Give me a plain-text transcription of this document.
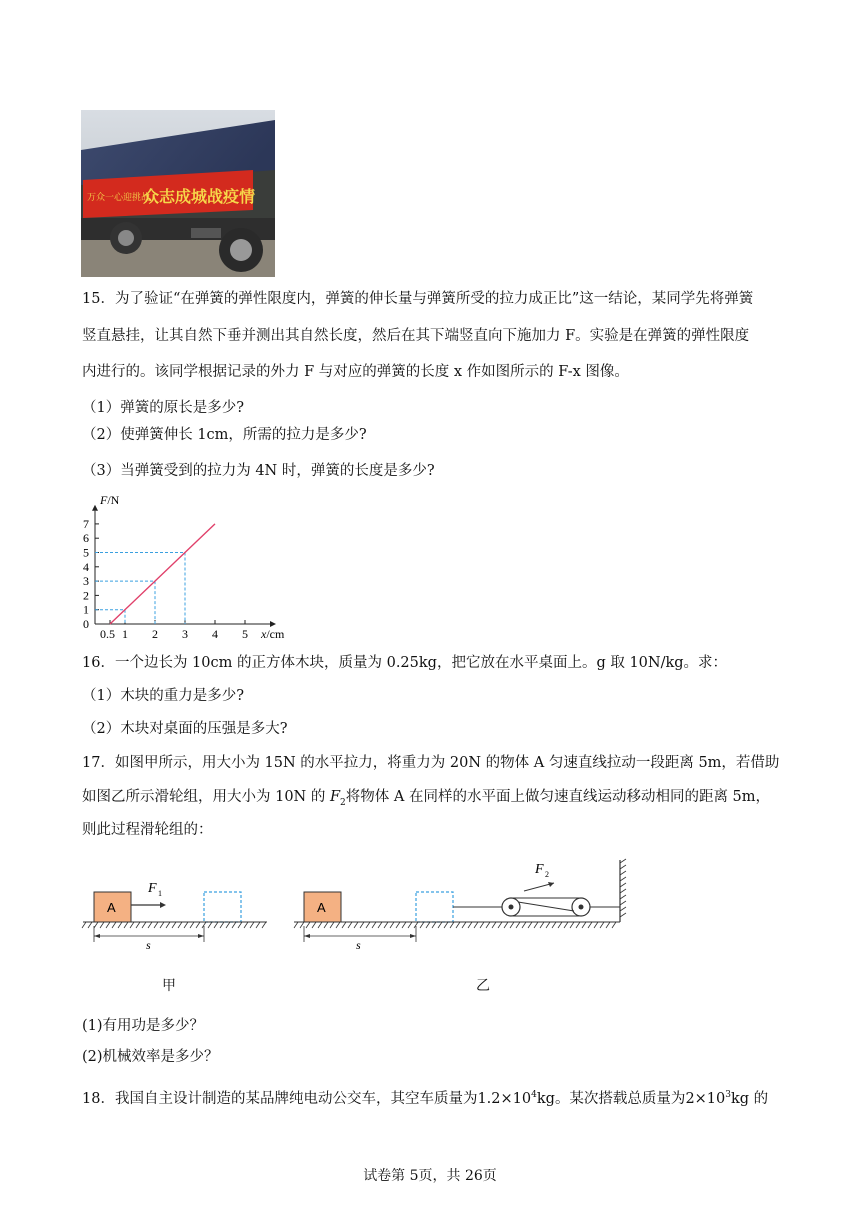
万众一心迎挑战
众志成城战疫情
15．为了验证“在弹簧的弹性限度内，弹簧的伸长量与弹簧所受的拉力成正比”这一结论，某同学先将弹簧
竖直悬挂，让其自然下垂并测出其自然长度，然后在其下端竖直向下施加力 F。实验是在弹簧的弹性限度
内进行的。该同学根据记录的外力 F 与对应的弹簧的长度 x 作如图所示的 F-x 图像。
（1）弹簧的原长是多少?
（2）使弹簧伸长 1cm，所需的拉力是多少?
（3）当弹簧受到的拉力为 4N 时，弹簧的长度是多少?
0
1
2
3
4
5
6
7
0.5 1 2 3 4 5
F/N
x/cm
16．一个边长为 10cm 的正方体木块，质量为 0.25kg，把它放在水平桌面上。g 取 10N/kg。求：
（1）木块的重力是多少?
（2）木块对桌面的压强是多大?
17．如图甲所示，用大小为 15N 的水平拉力，将重力为 20N 的物体 A 匀速直线拉动一段距离 5m，若借助
如图乙所示滑轮组，用大小为 10N 的 $F_2$将物体 A 在同样的水平面上做匀速直线运动移动相同的距离 5m，
则此过程滑轮组的：
A
F 1
s
甲
A
F 2
s
乙
(1)有用功是多少？
(2)机械效率是多少？
18．我国自主设计制造的某品牌纯电动公交车，其空车质量为$1.2\times 10^4kg$。某次搭载总质量为$2\times 10^3kg$ 的
试卷第 5页，共 26页
